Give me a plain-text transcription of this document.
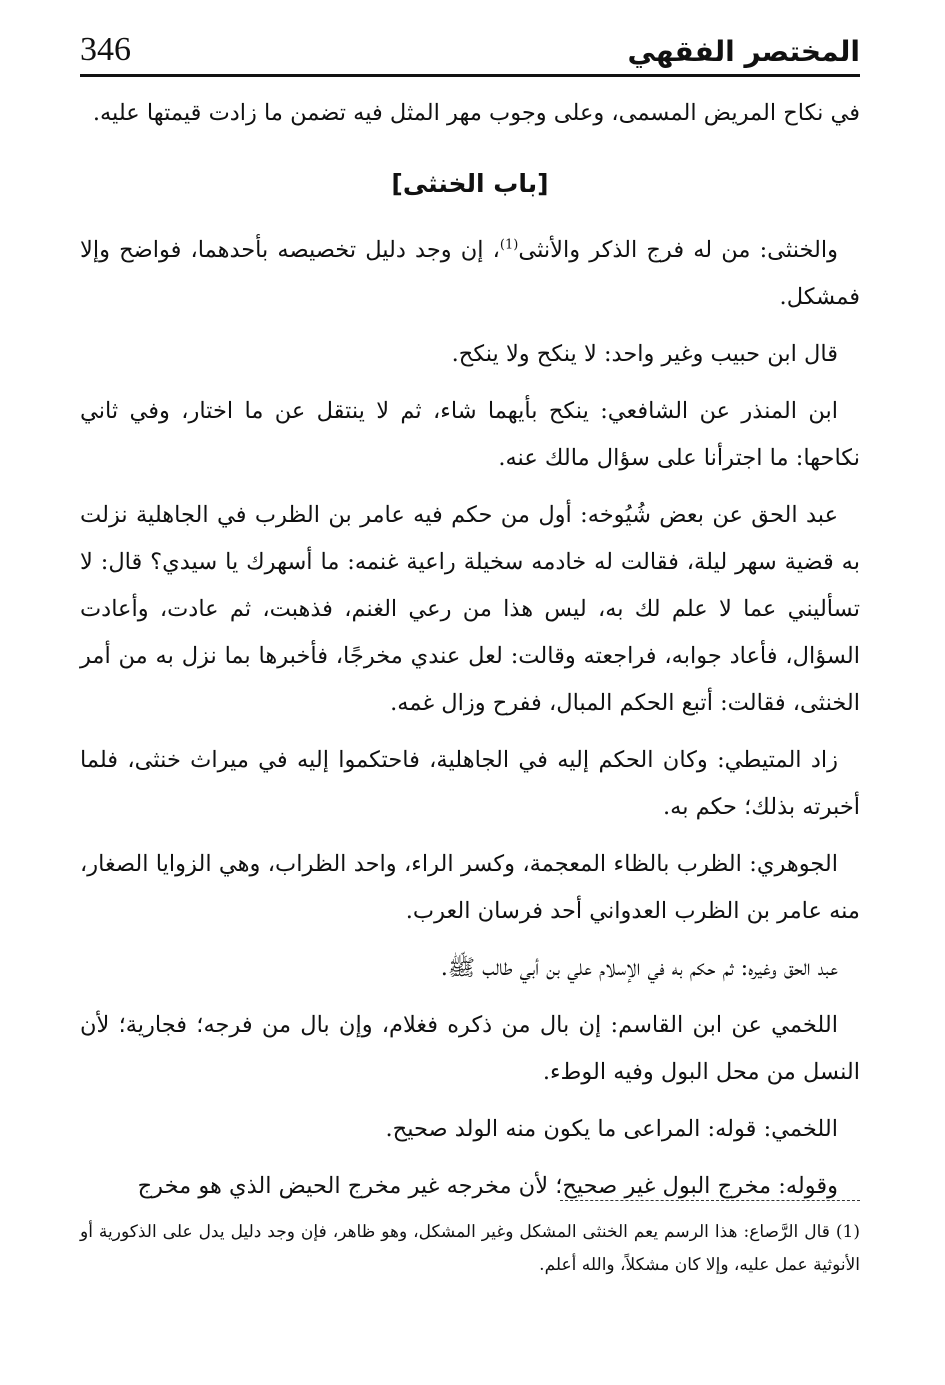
346	المختصر الفقهي

في نكاح المريض المسمى، وعلى وجوب مهر المثل فيه تضمن ما زادت قيمتها عليه.

[باب الخنثى]

والخنثى: من له فرج الذكر والأنثى$^{(1)}$، إن وجد دليل تخصيصه بأحدهما، فواضح وإلا فمشكل.

قال ابن حبيب وغير واحد: لا ينكح ولا ينكح.

ابن المنذر عن الشافعي: ينكح بأيهما شاء، ثم لا ينتقل عن ما اختار، وفي ثاني نكاحها: ما اجترأنا على سؤال مالك عنه.

عبد الحق عن بعض شُيُوخه: أول من حكم فيه عامر بن الظرب في الجاهلية نزلت به قضية سهر ليلة، فقالت له خادمه سخيلة راعية غنمه: ما أسهرك يا سيدي؟ قال: لا تسأليني عما لا علم لك به، ليس هذا من رعي الغنم، فذهبت، ثم عادت، وأعادت السؤال، فأعاد جوابه، فراجعته وقالت: لعل عندي مخرجًا، فأخبرها بما نزل به من أمر الخنثى، فقالت: أتبع الحكم المبال، ففرح وزال غمه.

زاد المتيطي: وكان الحكم إليه في الجاهلية، فاحتكموا إليه في ميراث خنثى، فلما أخبرته بذلك؛ حكم به.

الجوهري: الظرب بالظاء المعجمة، وكسر الراء، واحد الظراب، وهي الزوايا الصغار، منه عامر بن الظرب العدواني أحد فرسان العرب.

عبد الحق وغيره: ثم حكم به في الإسلام علي بن أبي طالب ﷺ.

اللخمي عن ابن القاسم: إن بال من ذكره فغلام، وإن بال من فرجه؛ فجارية؛ لأن النسل من محل البول وفيه الوطء.

اللخمي: قوله: المراعى ما يكون منه الولد صحيح.

وقوله: مخرج البول غير صحيح؛ لأن مخرجه غير مخرج الحيض الذي هو مخرج

(1)قال الرَّصاع: هذا الرسم يعم الخنثى المشكل وغير المشكل، وهو ظاهر، فإن وجد دليل يدل على الذكورية أو الأنوثية عمل عليه، وإلا كان مشكلاً، والله أعلم.
